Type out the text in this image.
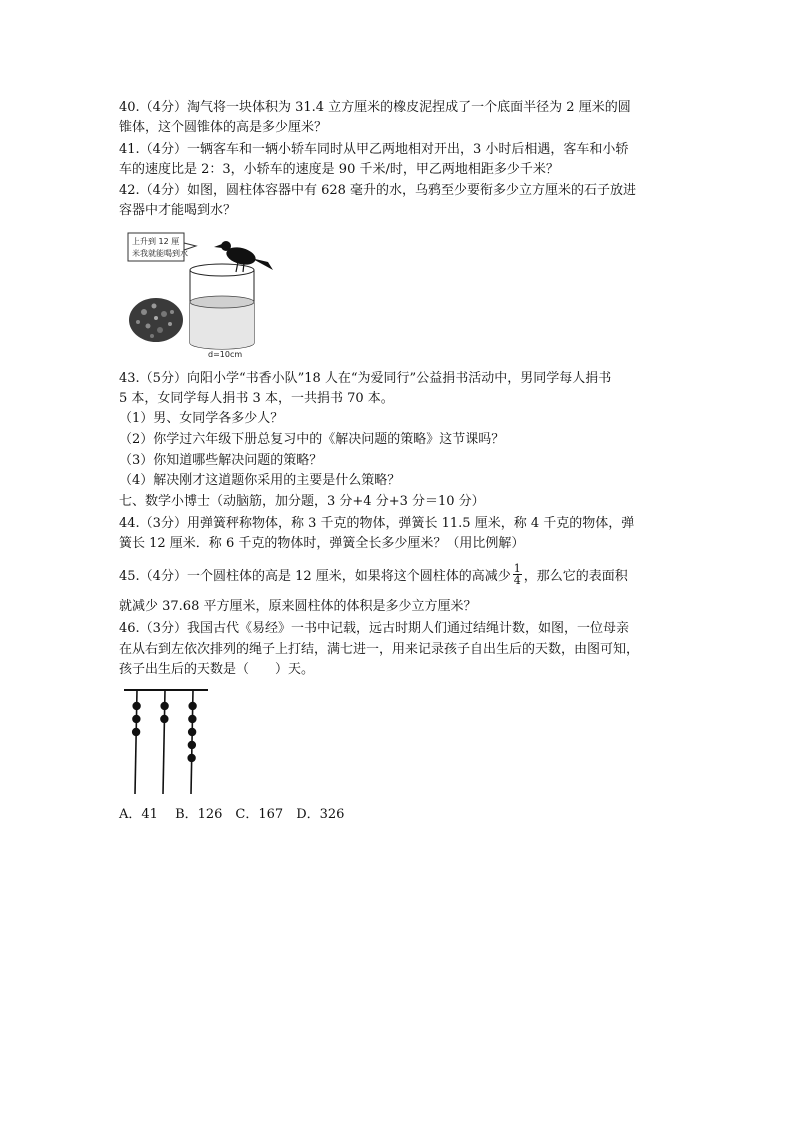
40.（4分）淘气将一块体积为 31.4 立方厘米的橡皮泥捏成了一个底面半径为 2 厘米的圆
锥体，这个圆锥体的高是多少厘米？
41.（4分）一辆客车和一辆小轿车同时从甲乙两地相对开出，3 小时后相遇，客车和小轿
车的速度比是 2：3，小轿车的速度是 90 千米/时，甲乙两地相距多少千米？
42.（4分）如图，圆柱体容器中有 628 毫升的水，乌鸦至少要衔多少立方厘米的石子放进
容器中才能喝到水？
上升到 12 厘
米我就能喝到水
d=10cm
43.（5分）向阳小学“书香小队”18 人在“为爱同行”公益捐书活动中，男同学每人捐书
5 本，女同学每人捐书 3 本，一共捐书 70 本。
（1）男、女同学各多少人？
（2）你学过六年级下册总复习中的《解决问题的策略》这节课吗？
（3）你知道哪些解决问题的策略？
（4）解决刚才这道题你采用的主要是什么策略？
七、数学小博士（动脑筋，加分题，3 分+4 分+3 分＝10 分）
44.（3分）用弹簧秤称物体，称 3 千克的物体，弹簧长 11.5 厘米，称 4 千克的物体，弹
簧长 12 厘米．称 6 千克的物体时，弹簧全长多少厘米？（用比例解）
45.（4分）一个圆柱体的高是 12 厘米，如果将这个圆柱体的高减少 $\frac{1}{4}$ ，那么它的表面积
就减少 37.68 平方厘米，原来圆柱体的体积是多少立方厘米？
46.（3分）我国古代《易经》一书中记载，远古时期人们通过结绳计数，如图，一位母亲
在从右到左依次排列的绳子上打结，满七进一，用来记录孩子自出生后的天数，由图可知，
孩子出生后的天数是（　　）天。
A．41　 B．126　C．167　D．326
